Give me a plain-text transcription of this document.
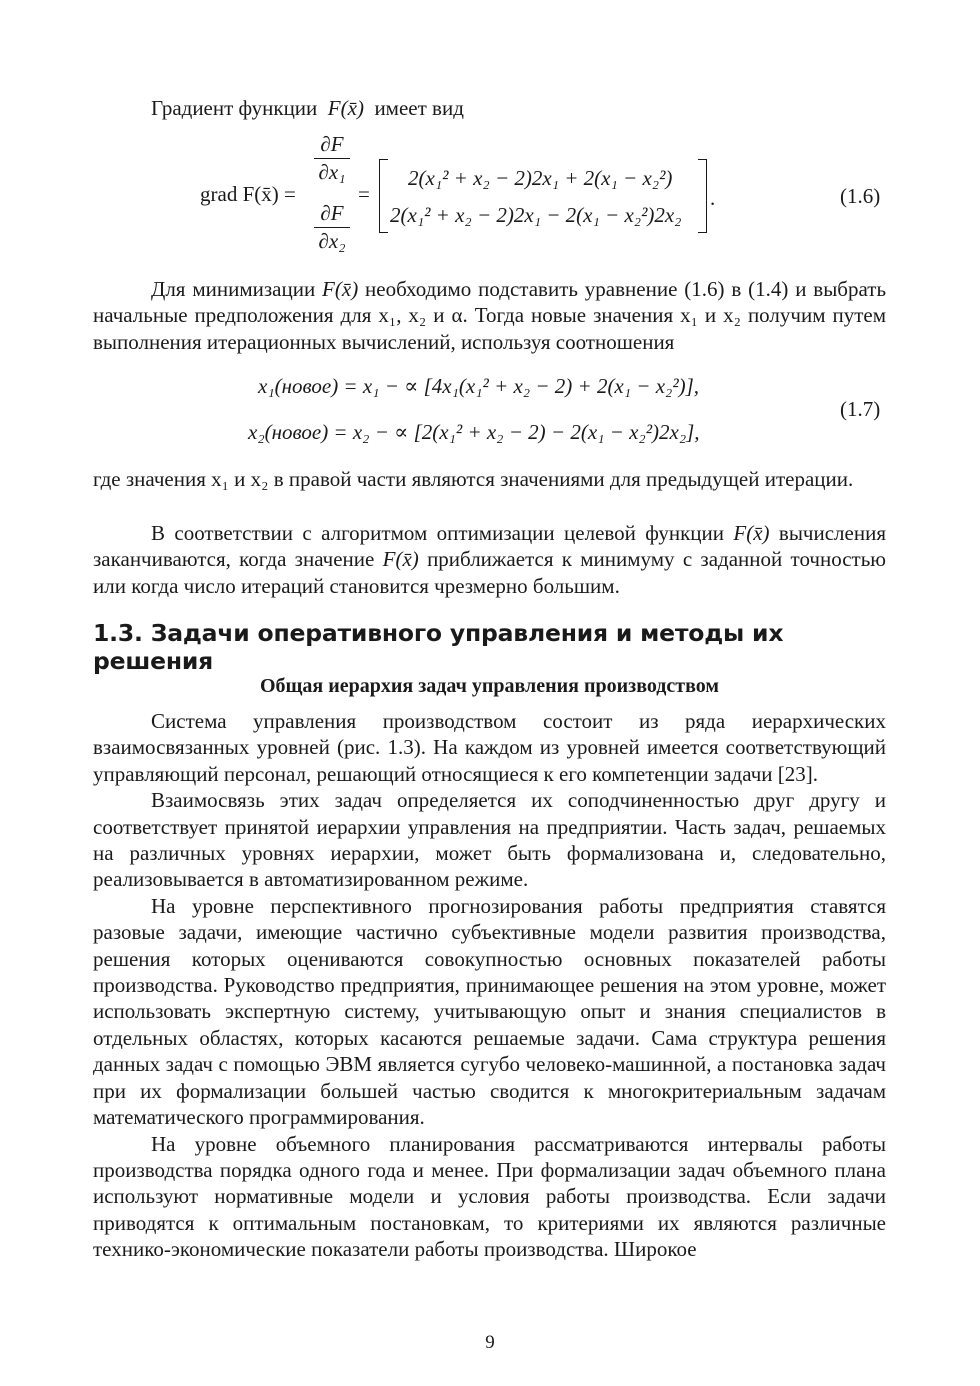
Градиент функции F(x̄) имеет вид
grad F(x̄) =
∂F
∂x₁
∂F
∂x₂
=
2(x₁² + x₂ − 2)2x₁ + 2(x₁ − x₂²)
2(x₁² + x₂ − 2)2x₁ − 2(x₁ − x₂²)2x₂
.	(1.6)

Для минимизации F(x̄) необходимо подставить уравнение (1.6) в (1.4) и выбрать начальные предположения для x₁, x₂ и α. Тогда новые значения x₁ и x₂ получим путем выполнения итерационных вычислений, используя соотношения

x₁(новое) = x₁ − ∝ [4x₁(x₁² + x₂ − 2) + 2(x₁ − x₂²)],
x₂(новое) = x₂ − ∝ [2(x₁² + x₂ − 2) − 2(x₁ − x₂²)2x₂],
(1.7)

где значения x₁ и x₂ в правой части являются значениями для предыдущей итерации.

В соответствии с алгоритмом оптимизации целевой функции F(x̄) вычисления заканчиваются, когда значение F(x̄) приближается к минимуму с заданной точностью или когда число итераций становится чрезмерно большим.

1.3. Задачи оперативного управления и методы их решения
Общая иерархия задач управления производством

Система управления производством состоит из ряда иерархических взаимосвязанных уровней (рис. 1.3). На каждом из уровней имеется соответствующий управляющий персонал, решающий относящиеся к его компетенции задачи [23].

Взаимосвязь этих задач определяется их соподчиненностью друг другу и соответствует принятой иерархии управления на предприятии. Часть задач, решаемых на различных уровнях иерархии, может быть формализована и, следовательно, реализовывается в автоматизированном режиме.

На уровне перспективного прогнозирования работы предприятия ставятся разовые задачи, имеющие частично субъективные модели развития производства, решения которых оцениваются совокупностью основных показателей работы производства. Руководство предприятия, принимающее решения на этом уровне, может использовать экспертную систему, учитывающую опыт и знания специалистов в отдельных областях, которых касаются решаемые задачи. Сама структура решения данных задач с помощью ЭВМ является сугубо человеко-машинной, а постановка задач при их формализации большей частью сводится к многокритериальным задачам математического программирования.

На уровне объемного планирования рассматриваются интервалы работы производства порядка одного года и менее. При формализации задач объемного плана используют нормативные модели и условия работы производства. Если задачи приводятся к оптимальным постановкам, то критериями их являются различные технико-экономические показатели работы производства. Широкое

9
